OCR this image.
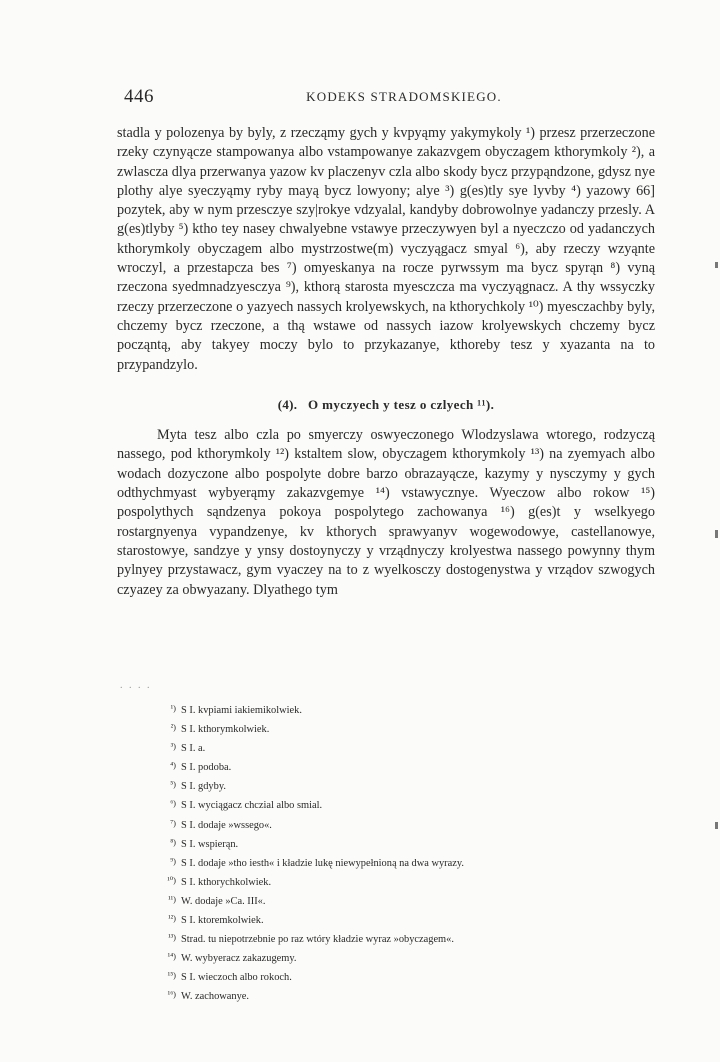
446	KODEKS STRADOMSKIEGO.

stadla y polozenya by byly, z rzecząmy gych y kvpyąmy yakymykoly ¹) przesz przerzeczone rzeky czynyącze stampowanya albo vstampowanye zakazvgem obyczagem kthorymkoly ²), a zwlascza dlya przerwanya yazow kv placzenyv czla albo skody bycz przypąndzone, gdysz nye plothy alye syeczyąmy ryby mayą bycz lowyony; alye ³) g(es)tly sye lyvby ⁴) yazowy 66] pozytek, aby w nym przesczye szy|rokye vdzyalal, kandyby dobrowolnye yadanczy przesly. A g(es)tlyby ⁵) ktho tey nasey chwalyebne vstawye przeczywyen byl a nyeczczo od yadanczych kthorymkoly obyczagem albo mystrzostwe(m) vyczyągacz smyal ⁶), aby rzeczy wzyąnte wroczyl, a przestapcza bes ⁷) omyeskanya na rocze pyrwssym ma bycz spyrąn ⁸) vyną rzeczona syedmnadzyesczya ⁹), kthorą starosta myesczcza ma vyczyągnacz. A thy wssyczky rzeczy przerzeczone o yazyech nassych krolyewskych, na kthorychkoly ¹⁰) myesczachby byly, chczemy bycz rzeczone, a thą wstawe od nassych iazow krolyewskych chczemy bycz począntą, aby takyey moczy bylo to przykazanye, kthoreby tesz y xyazanta na to przypandzylo.

(4). O myczyech y tesz o czlyech ¹¹).

Myta tesz albo czla po smyerczy oswyeczonego Wlodzyslawa wtorego, rodzyczą nassego, pod kthorymkoly ¹²) kstaltem slow, obyczagem kthorymkoly ¹³) na zyemyach albo wodach dozyczone albo pospolyte dobre barzo obrazayącze, kazymy y nysczymy y gych odthychmyast wybyerąmy zakazvgemye ¹⁴) vstawycznye. Wyeczow albo rokow ¹⁵) pospolythych sąndzenya pokoya pospolytego zachowanya ¹⁶) g(es)t y wselkyego rostargnyenya vypandzenye, kv kthorych sprawyanyv wogewodowye, castellanowye, starostowye, sandzye y ynsy dostoynyczy y vrządnyczy krolyestwa nassego powynny thym pylnyey przystawacz, gym vyaczey na to z wyelkosczy dostogenystwa y vrządov szwogych czyazey za obwyazany. Dlyathego tym

. . . .
¹) S I. kvpiami iakiemikolwiek.
²) S I. kthorymkolwiek.
³) S I. a.
⁴) S I. podoba.
⁵) S I. gdyby.
⁶) S I. wyciągacz chczial albo smial.
⁷) S I. dodaje »wssego«.
⁸) S I. wspierąn.
⁹) S I. dodaje »tho iesth« i kładzie lukę niewypełnioną na dwa wyrazy.
¹⁰) S I. kthorychkolwiek.
¹¹) W. dodaje »Ca. III«.
¹²) S I. ktoremkolwiek.
¹³) Strad. tu niepotrzebnie po raz wtóry kładzie wyraz »obyczagem«.
¹⁴) W. wybyeracz zakazugemy.
¹⁵) S I. wieczoch albo rokoch.
¹⁶) W. zachowanye.
